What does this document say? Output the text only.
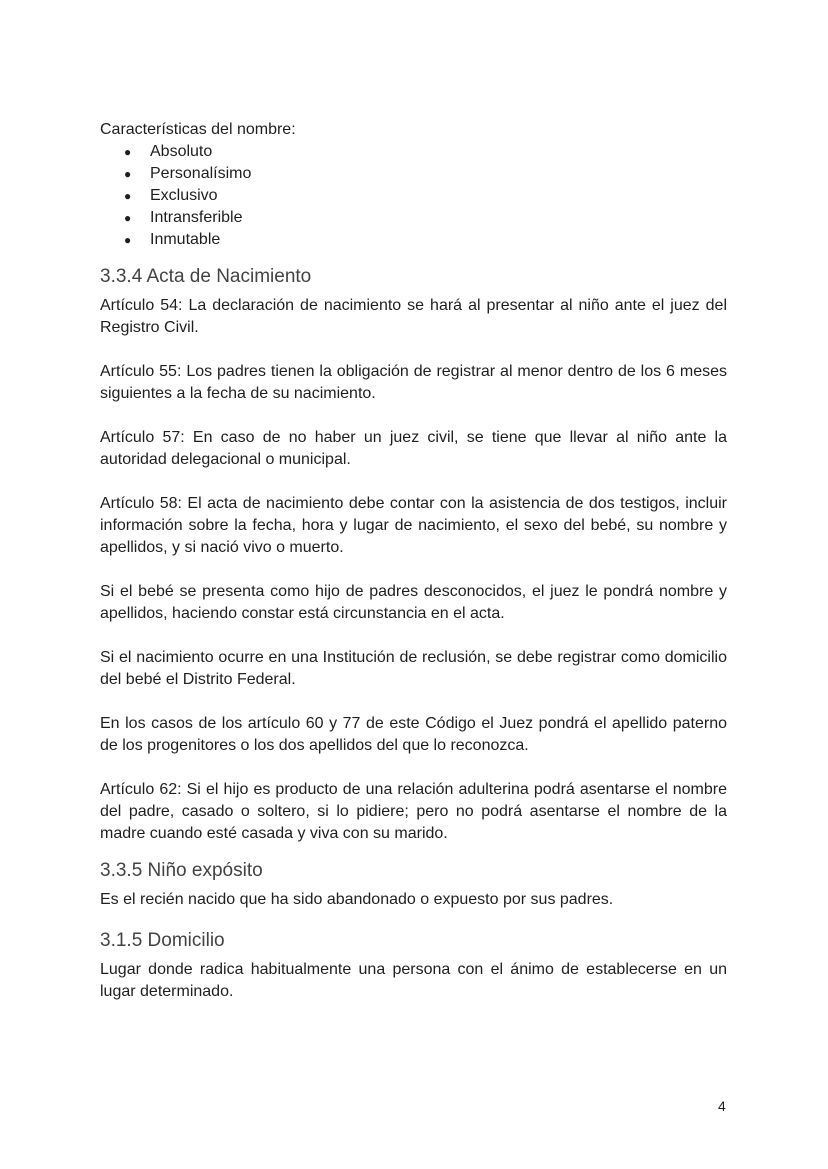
Características del nombre:

● Absoluto
● Personalísimo
● Exclusivo
● Intransferible
● Inmutable
3.3.4 Acta de Nacimiento

Artículo 54: La declaración de nacimiento se hará al presentar al niño ante el juez del Registro Civil.

Artículo 55: Los padres tienen la obligación de registrar al menor dentro de los 6 meses siguientes a la fecha de su nacimiento.

Artículo 57: En caso de no haber un juez civil, se tiene que llevar al niño ante la autoridad delegacional o municipal.

Artículo 58: El acta de nacimiento debe contar con la asistencia de dos testigos, incluir información sobre la fecha, hora y lugar de nacimiento, el sexo del bebé, su nombre y apellidos, y si nació vivo o muerto.

Si el bebé se presenta como hijo de padres desconocidos, el juez le pondrá nombre y apellidos, haciendo constar está circunstancia en el acta.

Si el nacimiento ocurre en una Institución de reclusión, se debe registrar como domicilio del bebé el Distrito Federal.

En los casos de los artículo 60 y 77 de este Código el Juez pondrá el apellido paterno de los progenitores o los dos apellidos del que lo reconozca.

Artículo 62: Si el hijo es producto de una relación adulterina podrá asentarse el nombre del padre, casado o soltero, si lo pidiere; pero no podrá asentarse el nombre de la madre cuando esté casada y viva con su marido.

3.3.5 Niño expósito

Es el recién nacido que ha sido abandonado o expuesto por sus padres.

3.1.5 Domicilio

Lugar donde radica habitualmente una persona con el ánimo de establecerse en un lugar determinado.

4
